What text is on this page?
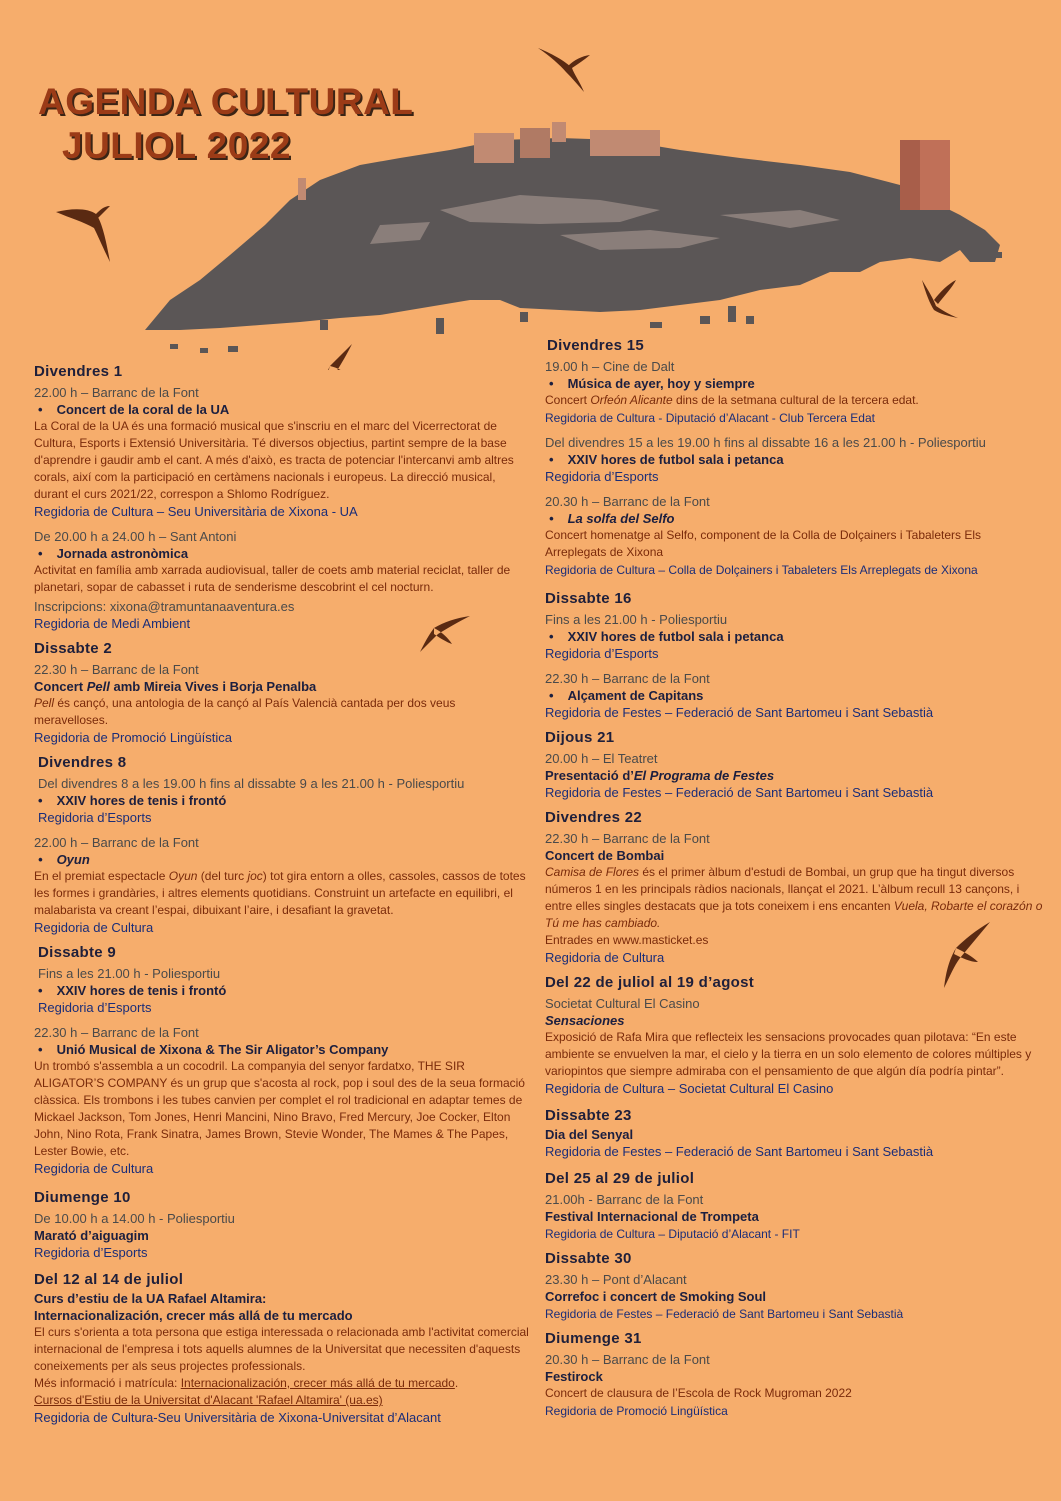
AGENDA CULTURAL
JULIOL 2022
Divendres 1
22.00 h – Barranc de la Font
• Concert de la coral de la UA
La Coral de la UA és una formació musical que s'inscriu en el marc del Vicerrectorat de Cultura, Esports i Extensió Universitària. Té diversos objectius, partint sempre de la base d'aprendre i gaudir amb el cant. A més d'això, es tracta de potenciar l'intercanvi amb altres corals, així com la participació en certàmens nacionals i europeus. La direcció musical, durant el curs 2021/22, correspon a Shlomo Rodríguez.
Regidoria de Cultura – Seu Universitària de Xixona - UA
De 20.00 h a 24.00 h – Sant Antoni
• Jornada astronòmica
Activitat en família amb xarrada audiovisual, taller de coets amb material reciclat, taller de planetari, sopar de cabasset i ruta de senderisme descobrint el cel nocturn.
Inscripcions: xixona@tramuntanaaventura.es
Regidoria de Medi Ambient
Dissabte 2
22.30 h – Barranc de la Font
Concert Pell amb Mireia Vives i Borja Penalba
Pell és cançó, una antologia de la cançó al País Valencià cantada per dos veus meravelloses.
Regidoria de Promoció Lingüística
Divendres 8
Del divendres 8 a les 19.00 h fins al dissabte 9 a les 21.00 h - Poliesportiu
• XXIV hores de tenis i frontó
Regidoria d’Esports
22.00 h – Barranc de la Font
• Oyun
En el premiat espectacle Oyun (del turc joc) tot gira entorn a olles, cassoles, cassos de totes les formes i grandàries, i altres elements quotidians. Construint un artefacte en equilibri, el malabarista va creant l’espai, dibuixant l’aire, i desafiant la gravetat.
Regidoria de Cultura
Dissabte 9
Fins a les 21.00 h - Poliesportiu
• XXIV hores de tenis i frontó
Regidoria d’Esports
22.30 h – Barranc de la Font
• Unió Musical de Xixona & The Sir Aligator’s Company
Un trombó s'assembla a un cocodril. La companyia del senyor fardatxo, THE SIR ALIGATOR’S COMPANY és un grup que s'acosta al rock, pop i soul des de la seua formació clàssica. Els trombons i les tubes canvien per complet el rol tradicional en adaptar temes de Mickael Jackson, Tom Jones, Henri Mancini, Nino Bravo, Fred Mercury, Joe Cocker, Elton John, Nino Rota, Frank Sinatra, James Brown, Stevie Wonder, The Mames & The Papes, Lester Bowie, etc.
Regidoria de Cultura
Diumenge 10
De 10.00 h a 14.00 h - Poliesportiu
Marató d’aiguagim
Regidoria d’Esports
Del 12 al 14 de juliol
Curs d’estiu de la UA Rafael Altamira:
Internacionalización, crecer más allá de tu mercado
El curs s'orienta a tota persona que estiga interessada o relacionada amb l'activitat comercial internacional de l'empresa i tots aquells alumnes de la Universitat que necessiten d'aquests coneixements per als seus projectes professionals.
Més informació i matrícula: Internacionalización, crecer más allá de tu mercado.
Cursos d'Estiu de la Universitat d'Alacant 'Rafael Altamira' (ua.es)
Regidoria de Cultura-Seu Universitària de Xixona-Universitat d’Alacant
Divendres 15
19.00 h – Cine de Dalt
• Música de ayer, hoy y siempre
Concert Orfeón Alicante dins de la setmana cultural de la tercera edat.
Regidoria de Cultura - Diputació d’Alacant - Club Tercera Edat
Del divendres 15 a les 19.00 h fins al dissabte 16 a les 21.00 h - Poliesportiu
• XXIV hores de futbol sala i petanca
Regidoria d’Esports
20.30 h – Barranc de la Font
• La solfa del Selfo
Concert homenatge al Selfo, component de la Colla de Dolçainers i Tabaleters Els Arreplegats de Xixona
Regidoria de Cultura – Colla de Dolçainers i Tabaleters Els Arreplegats de Xixona
Dissabte 16
Fins a les 21.00 h - Poliesportiu
• XXIV hores de futbol sala i petanca
Regidoria d’Esports
22.30 h – Barranc de la Font
• Alçament de Capitans
Regidoria de Festes – Federació de Sant Bartomeu i Sant Sebastià
Dijous 21
20.00 h – El Teatret
Presentació d’El Programa de Festes
Regidoria de Festes – Federació de Sant Bartomeu i Sant Sebastià
Divendres 22
22.30 h – Barranc de la Font
Concert de Bombai
Camisa de Flores és el primer àlbum d'estudi de Bombai, un grup que ha tingut diversos números 1 en les principals ràdios nacionals, llançat el 2021. L’àlbum recull 13 cançons, i entre elles singles destacats que ja tots coneixem i ens encanten Vuela, Robarte el corazón o Tú me has cambiado.
Entrades en www.masticket.es
Regidoria de Cultura
Del 22 de juliol al 19 d’agost
Societat Cultural El Casino
Sensaciones
Exposició de Rafa Mira que reflecteix les sensacions provocades quan pilotava: “En este ambiente se envuelven la mar, el cielo y la tierra en un solo elemento de colores múltiples y variopintos que siempre admiraba con el pensamiento de que algún día podría pintar”.
Regidoria de Cultura – Societat Cultural El Casino
Dissabte 23
Dia del Senyal
Regidoria de Festes – Federació de Sant Bartomeu i Sant Sebastià
Del 25 al 29 de juliol
21.00h - Barranc de la Font
Festival Internacional de Trompeta
Regidoria de Cultura – Diputació d’Alacant - FIT
Dissabte 30
23.30 h – Pont d’Alacant
Correfoc i concert de Smoking Soul
Regidoria de Festes – Federació de Sant Bartomeu i Sant Sebastià
Diumenge 31
20.30 h – Barranc de la Font
Festirock
Concert de clausura de l’Escola de Rock Mugroman 2022
Regidoria de Promoció Lingüística
